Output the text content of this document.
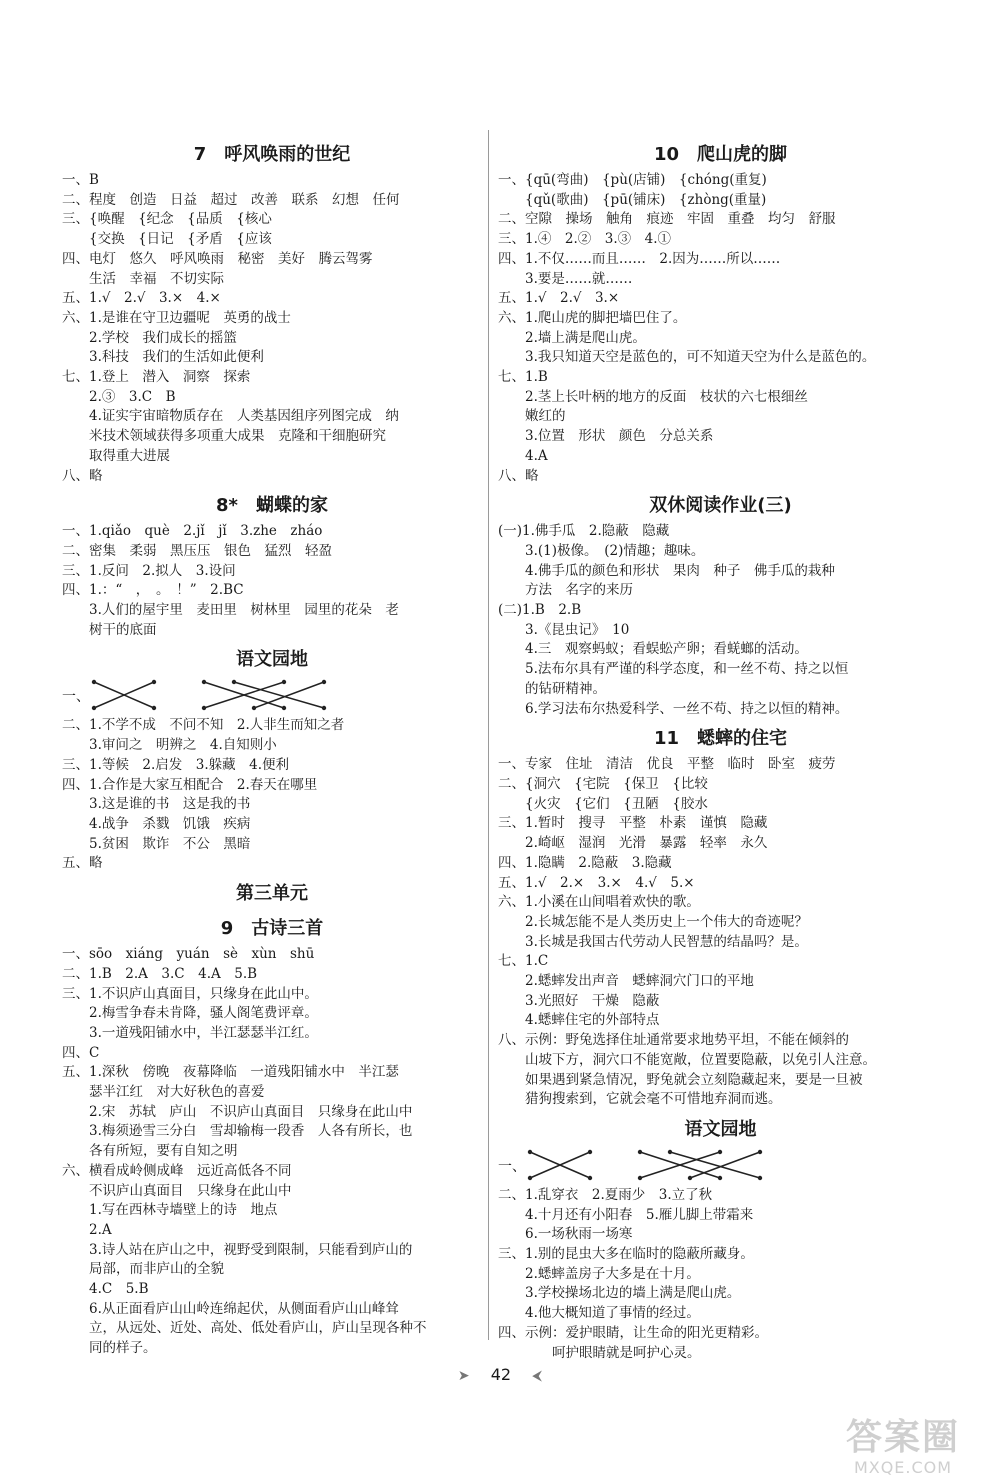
7　呼风唤雨的世纪
一、B
二、程度　创造　日益　超过　改善　联系　幻想　任何
三、{唤醒　{纪念　{品质　{核心
　　{交换　{日记　{矛盾　{应该
四、电灯　悠久　呼风唤雨　秘密　美好　腾云驾雾
　　生活　幸福　不切实际
五、1.√　2.√　3.×　4.×
六、1.是谁在守卫边疆呢　英勇的战士
　　2.学校　我们成长的摇篮
　　3.科技　我们的生活如此便利
七、1.登上　潜入　洞察　探索
　　2.③　3.C　B
　　4.证实宇宙暗物质存在　人类基因组序列图完成　纳
　　米技术领域获得多项重大成果　克隆和干细胞研究
　　取得重大进展
八、略
8*　蝴蝶的家
一、1.qiǎo　què　2.jǐ　jǐ　3.zhe　zháo
二、密集　柔弱　黑压压　银色　猛烈　轻盈
三、1.反问　2.拟人　3.设问
四、1.：“　，　。　！”　2.BC
　　3.人们的屋宇里　麦田里　树林里　园里的花朵　老
　　树干的底面
语文园地
一、
二、1.不学不成　不问不知　2.人非生而知之者
　　3.审问之　明辨之　4.自知则小
三、1.等候　2.启发　3.躲藏　4.便利
四、1.合作是大家互相配合　2.春天在哪里
　　3.这是谁的书　这是我的书
　　4.战争　杀戮　饥饿　疾病
　　5.贫困　欺诈　不公　黑暗
五、略
第三单元
9　古诗三首
一、sōo　xiáng　yuán　sè　xùn　shū
二、1.B　2.A　3.C　4.A　5.B
三、1.不识庐山真面目，只缘身在此山中。
　　2.梅雪争春未肯降，骚人阁笔费评章。
　　3.一道残阳铺水中，半江瑟瑟半江红。
四、C
五、1.深秋　傍晚　夜幕降临　一道残阳铺水中　半江瑟
　　瑟半江红　对大好秋色的喜爱
　　2.宋　苏轼　庐山　不识庐山真面目　只缘身在此山中
　　3.梅须逊雪三分白　雪却输梅一段香　人各有所长，也
　　各有所短，要有自知之明
六、横看成岭侧成峰　远近高低各不同
　　不识庐山真面目　只缘身在此山中
　　1.写在西林寺墙壁上的诗　地点
　　2.A
　　3.诗人站在庐山之中，视野受到限制，只能看到庐山的
　　局部，而非庐山的全貌
　　4.C　5.B
　　6.从正面看庐山山岭连绵起伏，从侧面看庐山山峰耸
　　立，从远处、近处、高处、低处看庐山，庐山呈现各种不
　　同的样子。
10　爬山虎的脚
一、{qū(弯曲)　{pù(店铺)　{chóng(重复)
　　{qǔ(歌曲)　{pū(铺床)　{zhòng(重量)
二、空隙　操场　触角　痕迹　牢固　重叠　均匀　舒服
三、1.④　2.②　3.③　4.①
四、1.不仅……而且……　2.因为……所以……
　　3.要是……就……
五、1.√　2.√　3.×
六、1.爬山虎的脚把墙巴住了。
　　2.墙上满是爬山虎。
　　3.我只知道天空是蓝色的，可不知道天空为什么是蓝色的。
七、1.B
　　2.茎上长叶柄的地方的反面　枝状的六七根细丝
　　嫩红的
　　3.位置　形状　颜色　分总关系
　　4.A
八、略
双休阅读作业(三)
(一)1.佛手瓜　2.隐蔽　隐藏
　　3.(1)极像。　(2)情趣；趣味。
　　4.佛手瓜的颜色和形状　果肉　种子　佛手瓜的栽种
　　方法　名字的来历
(二)1.B　2.B
　　3.《昆虫记》　10
　　4.三　观察蚂蚁；看蜈蚣产卵；看蜣螂的活动。
　　5.法布尔具有严谨的科学态度，和一丝不苟、持之以恒
　　的钻研精神。
　　6.学习法布尔热爱科学、一丝不苟、持之以恒的精神。
11　蟋蟀的住宅
一、专家　住址　清洁　优良　平整　临时　卧室　疲劳
二、{洞穴　{宅院　{保卫　{比较
　　{火灾　{它们　{丑陋　{胶水
三、1.暂时　搜寻　平整　朴素　谨慎　隐藏
　　2.崎岖　湿润　光滑　暴露　轻率　永久
四、1.隐瞒　2.隐蔽　3.隐藏
五、1.√　2.×　3.×　4.√　5.×
六、1.小溪在山间唱着欢快的歌。
　　2.长城怎能不是人类历史上一个伟大的奇迹呢？
　　3.长城是我国古代劳动人民智慧的结晶吗？是。
七、1.C
　　2.蟋蟀发出声音　蟋蟀洞穴门口的平地
　　3.光照好　干燥　隐蔽
　　4.蟋蟀住宅的外部特点
八、示例：野兔选择住址通常要求地势平坦，不能在倾斜的
　　山坡下方，洞穴口不能宽敞，位置要隐蔽，以免引人注意。
　　如果遇到紧急情况，野兔就会立刻隐藏起来，要是一旦被
　　猎狗搜索到，它就会毫不可惜地弃洞而逃。
语文园地
一、
二、1.乱穿衣　2.夏雨少　3.立了秋
　　4.十月还有小阳春　5.雁儿脚上带霜来
　　6.一场秋雨一场寒
三、1.别的昆虫大多在临时的隐蔽所藏身。
　　2.蟋蟀盖房子大多是在十月。
　　3.学校操场北边的墙上满是爬山虎。
　　4.他大概知道了事情的经过。
四、示例：爱护眼睛，让生命的阳光更精彩。
　　　　呵护眼睛就是呵护心灵。
➤ 42 ⮜
答案圈
MXQE.COM
